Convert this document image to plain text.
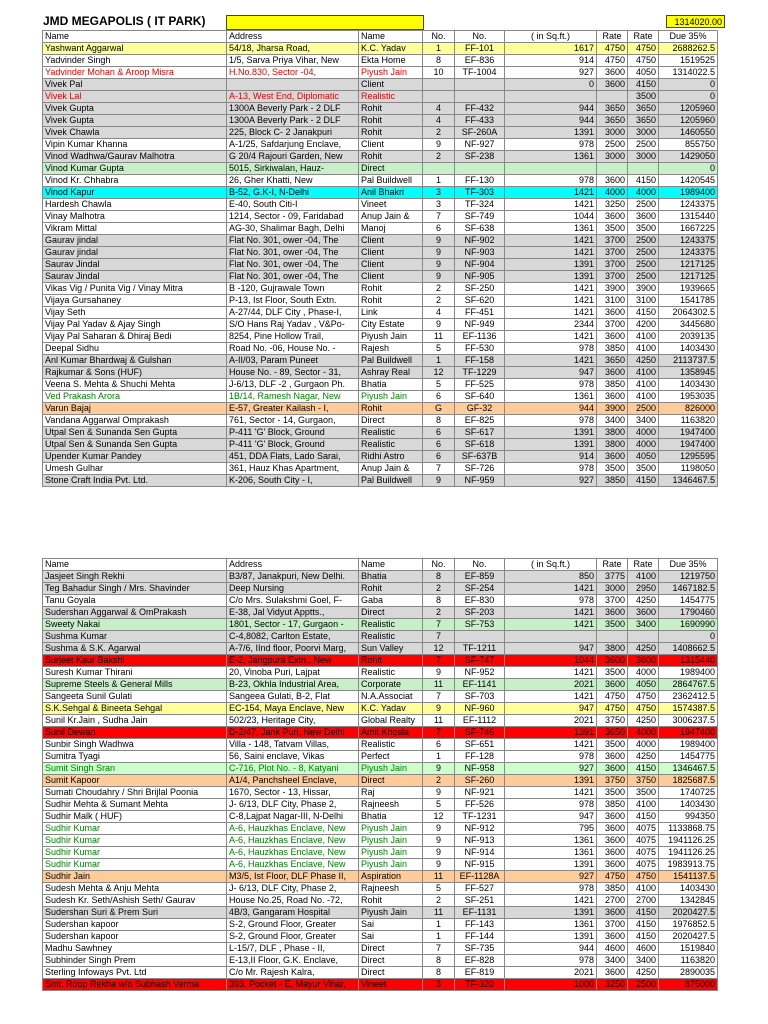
JMD MEGAPOLIS ( IT PARK)	1314020.00
Name	Address	Name	No.	No.	( in Sq.ft.)	Rate	Rate	Due 35%
Yashwant Aggarwal	54/18, Jharsa Road,	K.C. Yadav	1	FF-101	1617	4750	4750	2688262.5
Yadvinder Singh	1/5, Sarva Priya Vihar, New	Ekta Home	8	EF-836	914	4750	4750	1519525
Yadvinder Mohan & Aroop Misra	H.No.830, Sector -04,	Piyush Jain	10	TF-1004	927	3600	4050	1314022.5
Vivek Pal		Client			0	3600	4150	0
Vivek Lal	A-13, West End, Diplomatic	Realistic					3500	0
Vivek Gupta	1300A Beverly Park - 2 DLF	Rohit	4	FF-432	944	3650	3650	1205960
Vivek Gupta	1300A Beverly Park - 2 DLF	Rohit	4	FF-433	944	3650	3650	1205960
Vivek Chawla	225, Block C- 2 Janakpuri	Rohit	2	SF-260A	1391	3000	3000	1460550
Vipin Kumar Khanna	A-1/25, Safdarjung Enclave,	Client	9	NF-927	978	2500	2500	855750
Vinod Wadhwa/Gaurav Malhotra	G 20/4 Rajouri Garden, New	Rohit	2	SF-238	1361	3000	3000	1429050
Vinod Kumar Gupta	5015, Sirkiwalan, Hauz-	Direct						0
Vinod Kr. Chhabra	26, Gher Khatti, New	Pal Buildwell	1	FF-130	978	3600	4150	1420545
Vinod Kapur	B-52, G.K-I, N-Delhi	Anil Bhakri	3	TF-303	1421	4000	4000	1989400
Hardesh Chawla	E-40, South Citi-I	Vineet	3	TF-324	1421	3250	2500	1243375
Vinay Malhotra	1214, Sector - 09, Faridabad	Anup Jain &	7	SF-749	1044	3600	3600	1315440
Vikram Mittal	AG-30, Shalimar Bagh, Delhi	Manoj	6	SF-638	1361	3500	3500	1667225
Gaurav jindal	Flat No. 301, ower -04, The	Client	9	NF-902	1421	3700	2500	1243375
Gaurav jindal	Flat No. 301, ower -04, The	Client	9	NF-903	1421	3700	2500	1243375
Saurav Jindal	Flat No. 301, ower -04, The	Client	9	NF-904	1391	3700	2500	1217125
Saurav Jindal	Flat No. 301, ower -04, The	Client	9	NF-905	1391	3700	2500	1217125
Vikas Vig / Punita Vig / Vinay Mitra	B -120, Gujrawale Town	Rohit	2	SF-250	1421	3900	3900	1939665
Vijaya Gursahaney	P-13, Ist Floor, South Extn.	Rohit	2	SF-620	1421	3100	3100	1541785
Vijay Seth	A-27/44, DLF City , Phase-I,	Link	4	FF-451	1421	3600	4150	2064302.5
Vijay Pal Yadav & Ajay Singh	S/O Hans Raj Yadav , V&Po-	City Estate	9	NF-949	2344	3700	4200	3445680
Vijay Pal Saharan & Dhiraj Bedi	8254, Pine Hollow Trail,	Piyush Jain	11	EF-1136	1421	3600	4100	2039135
Deepal Sidhu	Road No. -06, House No. -	Rajesh	5	FF-530	978	3850	4100	1403430
Anl Kumar Bhardwaj & Gulshan	A-II/03, Param Puneet	Pal Buildwell	1	FF-158	1421	3650	4250	2113737.5
Rajkumar & Sons (HUF)	House No. - 89, Sector - 31,	Ashray Real	12	TF-1229	947	3600	4100	1358945
Veena S. Mehta & Shuchi Mehta	J-6/13, DLF -2 , Gurgaon Ph.	Bhatia	5	FF-525	978	3850	4100	1403430
Ved Prakash Arora	1B/14, Ramesh Nagar, New	Piyush Jain	6	SF-640	1361	3600	4100	1953035
Varun Bajaj	E-57, Greater Kailash - I,	Rohit	G	GF-32	944	3900	2500	826000
Vandana Aggarwal Omprakash	761, Sector - 14, Gurgaon,	Direct	8	EF-825	978	3400	3400	1163820
Utpal Sen & Sunanda Sen Gupta	P-411 'G' Block, Ground	Realistic	6	SF-617	1391	3800	4000	1947400
Utpal Sen & Sunanda Sen Gupta	P-411 'G' Block, Ground	Realistic	6	SF-618	1391	3800	4000	1947400
Upender Kumar Pandey	451, DDA Flats, Lado Sarai,	Ridhi Astro	6	SF-637B	914	3600	4050	1295595
Umesh Gulhar	361, Hauz Khas Apartment,	Anup Jain &	7	SF-726	978	3500	3500	1198050
Stone Craft India Pvt. Ltd.	K-206, South City - I,	Pal Buildwell	9	NF-959	927	3850	4150	1346467.5
Name	Address	Name	No.	No.	( in Sq.ft.)	Rate	Rate	Due 35%
Jasjeet Singh Rekhi	B3/87, Janakpuri, New Delhi.	Bhatia	8	EF-859	850	3775	4100	1219750
Teg Bahadur Singh / Mrs. Shavinder	Deep Nursing	Rohit	2	SF-254	1421	3000	2950	1467182.5
Tanu Goyala	C/o Mrs. Sulakshmi Goel, F-	Gaba	8	EF-830	978	3700	4250	1454775
Sudershan Aggarwal & OmPrakash	E-38, Jal Vidyut Apptts.,	Direct	2	SF-203	1421	3600	3600	1790460
Sweety Nakai	1801, Sector - 17, Gurgaon -	Realistic	7	SF-753	1421	3500	3400	1690990
Sushma Kumar	C-4,8082, Carlton Estate,	Realistic	7					0
Sushma & S.K. Agarwal	A-7/6, IInd floor, Poorvi Marg,	Sun Valley	12	TF-1211	947	3800	4250	1408662.5
Surjeet Kaur Bakshi	E-2, Jangpura Extn., New	Rohit	7	SF-747	1044	3600	3600	1315440
Suresh Kumar Thirani	20, Vinoba Puri, Lajpat	Realistic	9	NF-952	1421	3500	4000	1989400
Supreme Steels & General Mills	B-23, Okhla Industrial Area,	Corporate	11	EF-1141	2021	3600	4050	2864767.5
Sangeeta Sunil Gulati	Sangeea Gulati, B-2, Flat	N.A.Associat	7	SF-703	1421	4750	4750	2362412.5
S.K.Sehgal & Bineeta Sehgal	EC-154, Maya Enclave, New	K.C. Yadav	9	NF-960	947	4750	4750	1574387.5
Sunil Kr.Jain , Sudha Jain	502/23, Heritage City,	Global Realty	11	EF-1112	2021	3750	4250	3006237.5
Sunil Dewan	D-2/47, Jank Puri, New Delhi	Amit Khosla	7	SF-746	1391	3650	4000	1947400
Sunbir Singh Wadhwa	Villa - 148, Tatvam Villas,	Realistic	6	SF-651	1421	3500	4000	1989400
Sumitra Tyagi	56, Saini enclave, Vikas	Perfect	1	FF-128	978	3600	4250	1454775
Sumit Singh Sran	C-716, Plot No. - 8, Katyani	Piyush Jain	9	NF-958	927	3600	4150	1346467.5
Sumit Kapoor	A1/4, Panchsheel Enclave,	Direct	2	SF-260	1391	3750	3750	1825687.5
Sumati Choudahry / Shri Brijlal Poonia	1670, Sector - 13, Hissar,	Raj	9	NF-921	1421	3500	3500	1740725
Sudhir Mehta & Sumant Mehta	J- 6/13, DLF City, Phase 2,	Rajneesh	5	FF-526	978	3850	4100	1403430
Sudhir Malk ( HUF)	C-8,Lajpat Nagar-III, N-Delhi	Bhatia	12	TF-1231	947	3600	4150	994350
Sudhir Kumar	A-6, Hauzkhas Enclave, New	Piyush Jain	9	NF-912	795	3600	4075	1133868.75
Sudhir Kumar	A-6, Hauzkhas Enclave, New	Piyush Jain	9	NF-913	1361	3600	4075	1941126.25
Sudhir Kumar	A-6, Hauzkhas Enclave, New	Piyush Jain	9	NF-914	1361	3600	4075	1941126.25
Sudhir Kumar	A-6, Hauzkhas Enclave, New	Piyush Jain	9	NF-915	1391	3600	4075	1983913.75
Sudhir Jain	M3/5, Ist Floor, DLF Phase II,	Aspiration	11	EF-1128A	927	4750	4750	1541137.5
Sudesh Mehta & Anju Mehta	J- 6/13, DLF City, Phase 2,	Rajneesh	5	FF-527	978	3850	4100	1403430
Sudesh Kr. Seth/Ashish Seth/ Gaurav	House No.25, Road No. -72,	Rohit	2	SF-251	1421	2700	2700	1342845
Sudershan Suri & Prem Suri	4B/3, Gangaram Hospital	Piyush Jain	11	EF-1131	1391	3600	4150	2020427.5
Sudershan kapoor	S-2, Ground Floor, Greater	Sai	1	FF-143	1361	3700	4150	1976852.5
Sudershan kapoor	S-2, Ground Floor, Greater	Sai	1	FF-144	1391	3600	4150	2020427.5
Madhu Sawhney	L-15/7, DLF , Phase - II,	Direct	7	SF-735	944	4600	4600	1519840
Subhinder Singh Prem	E-13,II Floor, G.K. Enclave,	Direct	8	EF-828	978	3400	3400	1163820
Sterling Infoways Pvt. Ltd	C/o Mr. Rajesh Kalra,	Direct	8	EF-819	2021	3600	4250	2890035
Smt. Roop Rekha w/o Subhash Verma	393, Pocket - E, Mayur Vihar,	Vineet	3	TF-320	1000	3250	2500	875000
